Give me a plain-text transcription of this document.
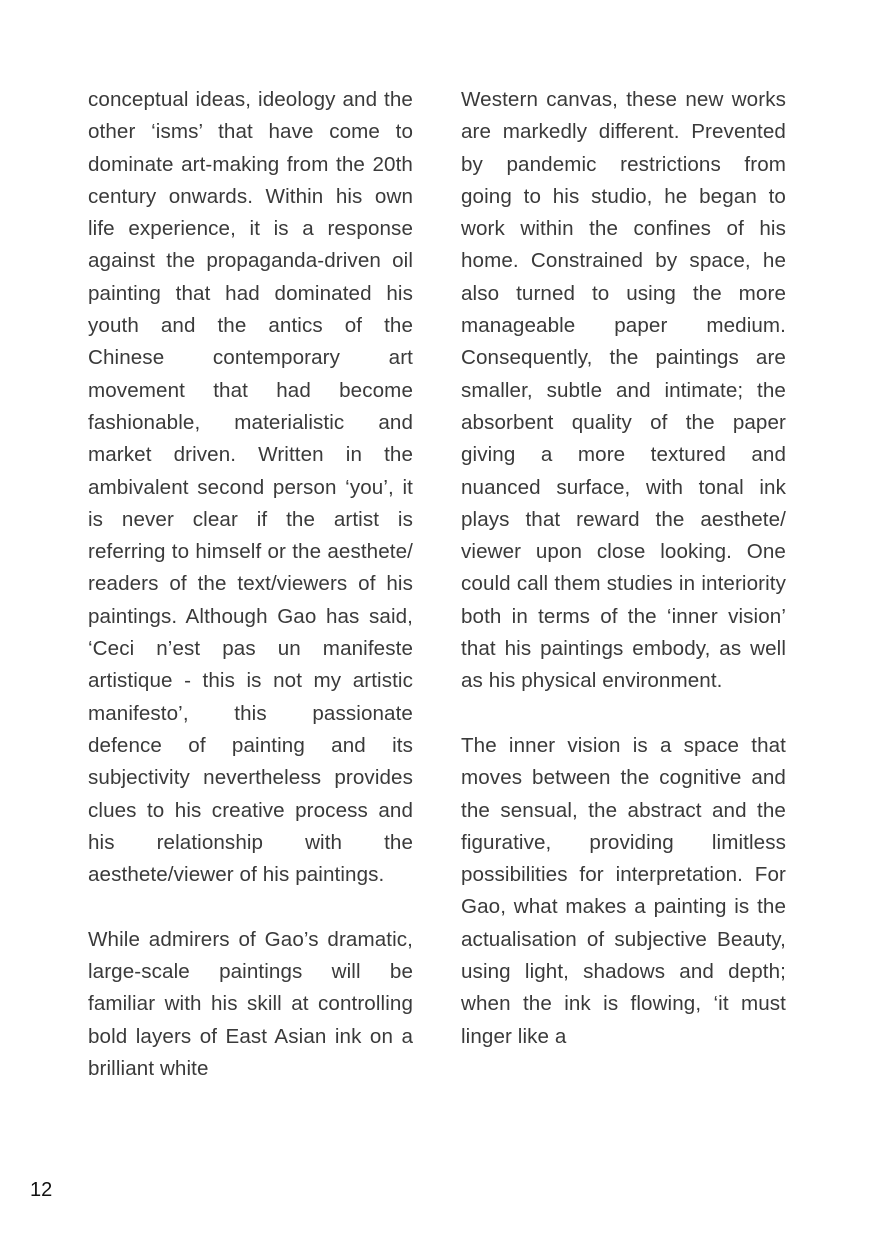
conceptual ideas, ideology and the other ‘isms’ that have come to dominate art-making from the 20th century onwards. Within his own life experience, it is a response against the propaganda-driven oil painting that had dominated his youth and the antics of the Chinese contemporary art movement that had become fashionable, materialistic and market driven. Written in the ambivalent second person ‘you’, it is never clear if the artist is referring to himself or the aesthete/ readers of the text/viewers of his paintings. Although Gao has said, ‘Ceci n’est pas un manifeste artistique - this is not my artistic manifesto’, this passionate defence of painting and its subjectivity nevertheless provides clues to his creative process and his relationship with the aesthete/viewer of his paintings.

While admirers of Gao’s dramatic, large-scale paintings will be familiar with his skill at controlling bold layers of East Asian ink on a brilliant white

Western canvas, these new works are markedly different. Prevented by pandemic restrictions from going to his studio, he began to work within the confines of his home. Constrained by space, he also turned to using the more manageable paper medium. Consequently, the paintings are smaller, subtle and intimate; the absorbent quality of the paper giving a more textured and nuanced surface, with tonal ink plays that reward the aesthete/ viewer upon close looking. One could call them studies in interiority both in terms of the ‘inner vision’ that his paintings embody, as well as his physical environment.

The inner vision is a space that moves between the cognitive and the sensual, the abstract and the figurative, providing limitless possibilities for interpretation. For Gao, what makes a painting is the actualisation of subjective Beauty, using light, shadows and depth; when the ink is flowing, ‘it must linger like a

12
